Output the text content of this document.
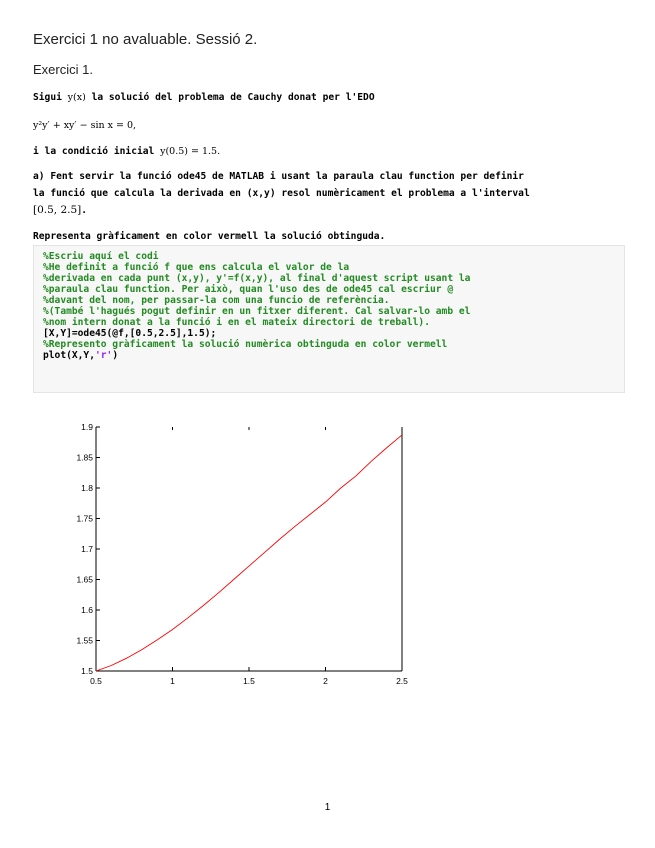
Exercici 1 no avaluable. Sessió 2.
Exercici 1.
Sigui y(x) la solució del problema de Cauchy donat per l'EDO
y²y′ + xy′ − sin x = 0,
i la condició inicial y(0.5) = 1.5.
a) Fent servir la funció ode45 de MATLAB i usant la paraula clau function per definir
la funció que calcula la derivada en (x,y) resol numèricament el problema a l'interval
[0.5, 2.5].
Representa gràficament en color vermell la solució obtinguda.
%Escriu aquí el codi
%He definit a funció f que ens calcula el valor de la
%derivada en cada punt (x,y), y'=f(x,y), al final d'aquest script usant la
%paraula clau function. Per això, quan l'uso des de ode45 cal escriur @
%davant del nom, per passar-la com una funcio de referència.
%(També l'hagués pogut definir en un fitxer diferent. Cal salvar-lo amb el
%nom intern donat a la funció i en el mateix directori de treball).
[X,Y]=ode45(@f,[0.5,2.5],1.5);
%Represento gràficament la solució numèrica obtinguda en color vermell
plot(X,Y,'r')
0.5	1	1.5	2	2.5
1.5
1.55
1.6
1.65
1.7
1.75
1.8
1.85
1.9
1
